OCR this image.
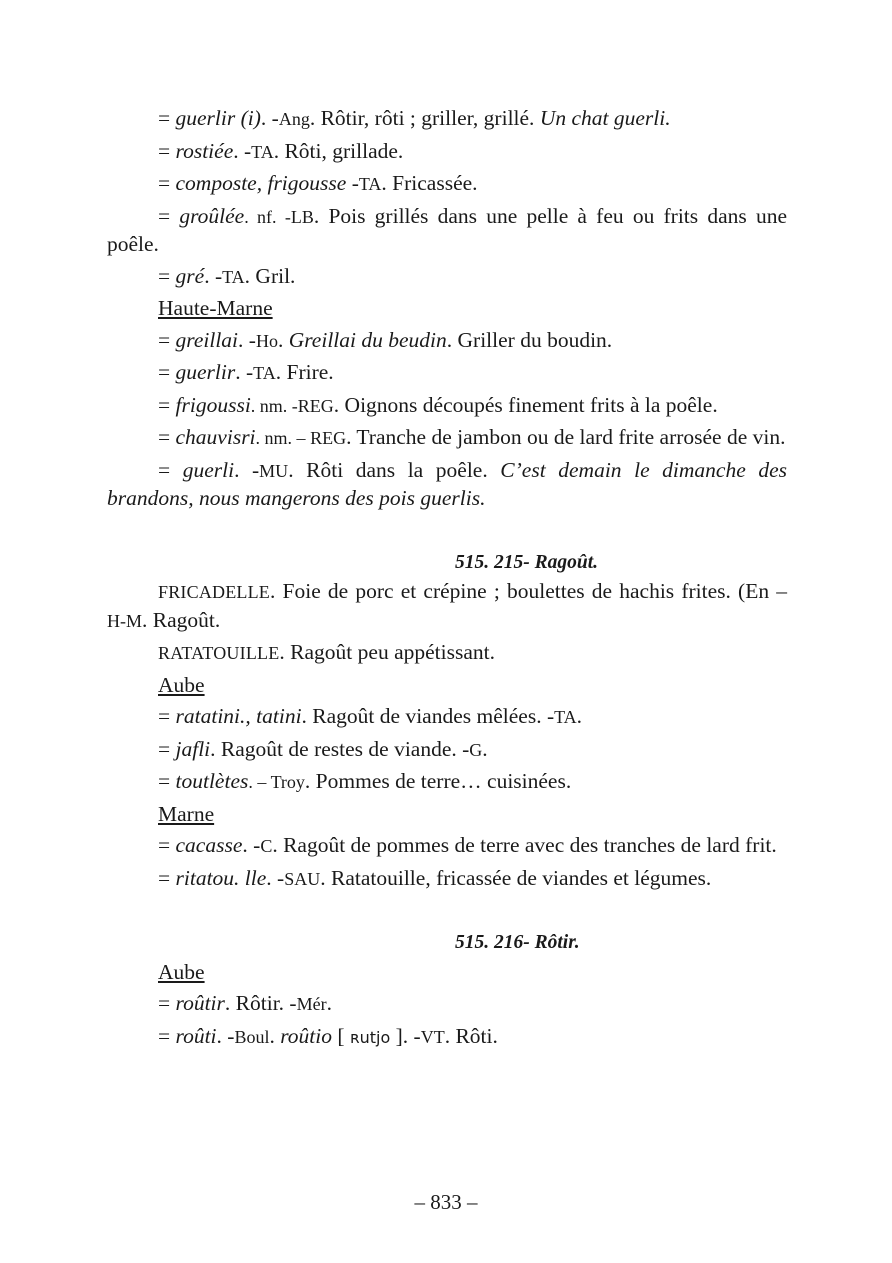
= guerlir (i). -Ang. Rôtir, rôti ; griller, grillé. Un chat guerli.

= rostiée. -TA. Rôti, grillade.

= composte, frigousse -TA. Fricassée.

= groûlée. nf. -LB. Pois grillés dans une pelle à feu ou frits dans une poêle.

= gré. -TA. Gril.

Haute-Marne

= greillai. -Ho. Greillai du beudin. Griller du boudin.

= guerlir. -TA. Frire.

= frigoussi. nm. -REG. Oignons découpés finement frits à la poêle.

= chauvisri. nm. – REG. Tranche de jambon ou de lard frite arrosée de vin.

= guerli. -MU. Rôti dans la poêle. C’est demain le dimanche des brandons, nous mangerons des pois guerlis.

515. 215- Ragoût.

FRICADELLE. Foie de porc et crépine ; boulettes de hachis frites. (En – H-M. Ragoût.

RATATOUILLE. Ragoût peu appétissant.

Aube

= ratatini., tatini. Ragoût de viandes mêlées. -TA.

= jafli. Ragoût de restes de viande. -G.

= toutlètes. – Troy. Pommes de terre… cuisinées.

Marne

= cacasse. -C. Ragoût de pommes de terre avec des tranches de lard frit.

= ritatou. lle. -SAU. Ratatouille, fricassée de viandes et légumes.

515. 216- Rôtir.

Aube

= roûtir. Rôtir. -Mér.

= roûti. -Boul. roûtio [ ʀutjo ]. -VT. Rôti.

– 833 –
